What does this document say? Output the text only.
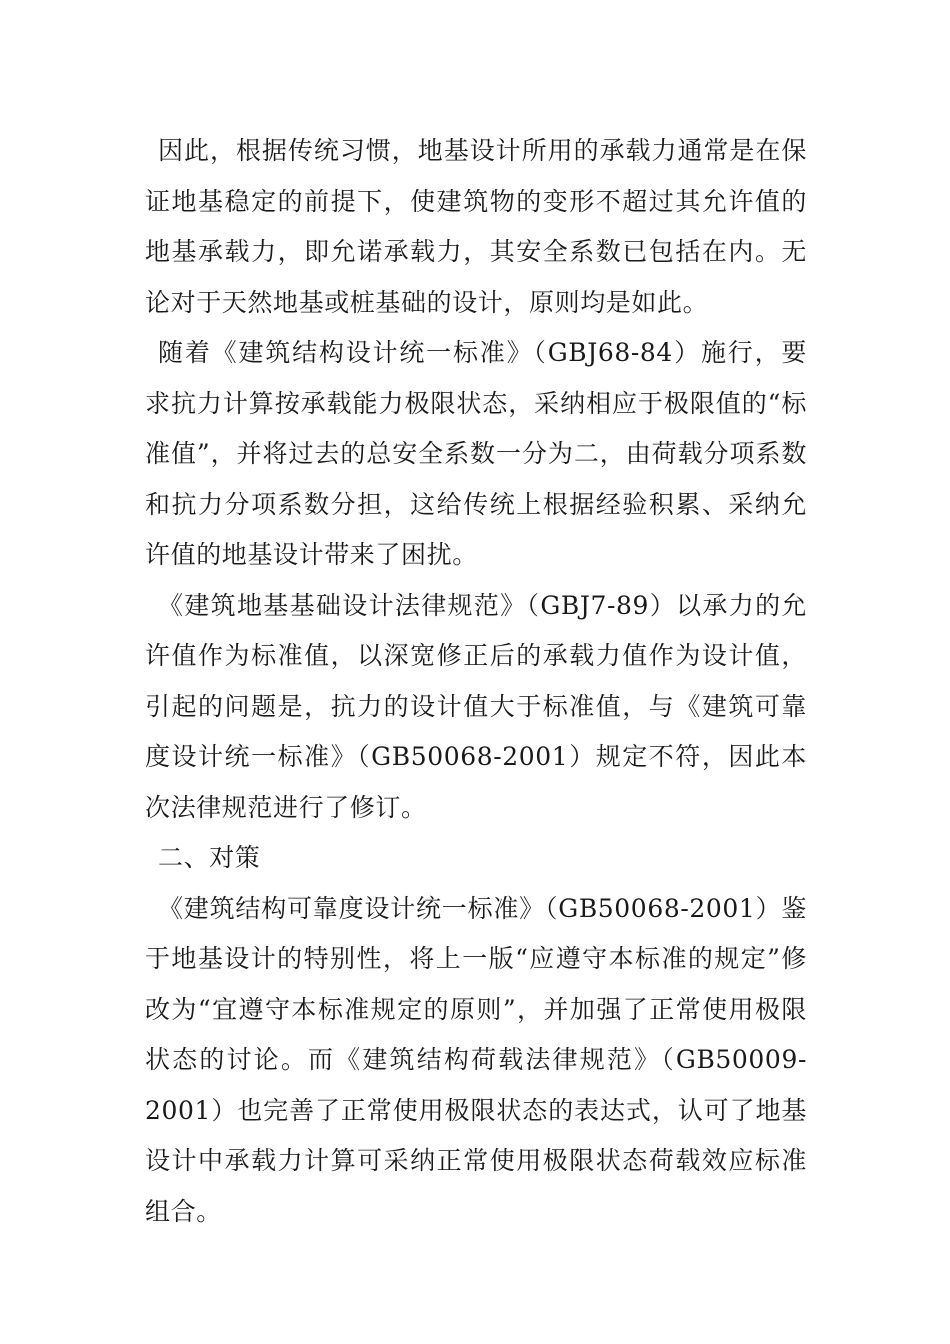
因此，根据传统习惯，地基设计所用的承载力通常是在保证地基稳定的前提下，使建筑物的变形不超过其允许值的地基承载力，即允诺承载力，其安全系数已包括在内。无论对于天然地基或桩基础的设计，原则均是如此。

随着《建筑结构设计统一标准》（GBJ68-84）施行，要求抗力计算按承载能力极限状态，采纳相应于极限值的“标准值”，并将过去的总安全系数一分为二，由荷载分项系数和抗力分项系数分担，这给传统上根据经验积累、采纳允许值的地基设计带来了困扰。

《建筑地基基础设计法律规范》（GBJ7-89）以承力的允许值作为标准值，以深宽修正后的承载力值作为设计值，引起的问题是，抗力的设计值大于标准值，与《建筑可靠度设计统一标准》（GB50068-2001）规定不符，因此本次法律规范进行了修订。

二、对策

《建筑结构可靠度设计统一标准》（GB50068-2001）鉴于地基设计的特别性，将上一版“应遵守本标准的规定”修改为“宜遵守本标准规定的原则”，并加强了正常使用极限状态的讨论。而《建筑结构荷载法律规范》（GB50009-2001）也完善了正常使用极限状态的表达式，认可了地基设计中承载力计算可采纳正常使用极限状态荷载效应标准组合。
